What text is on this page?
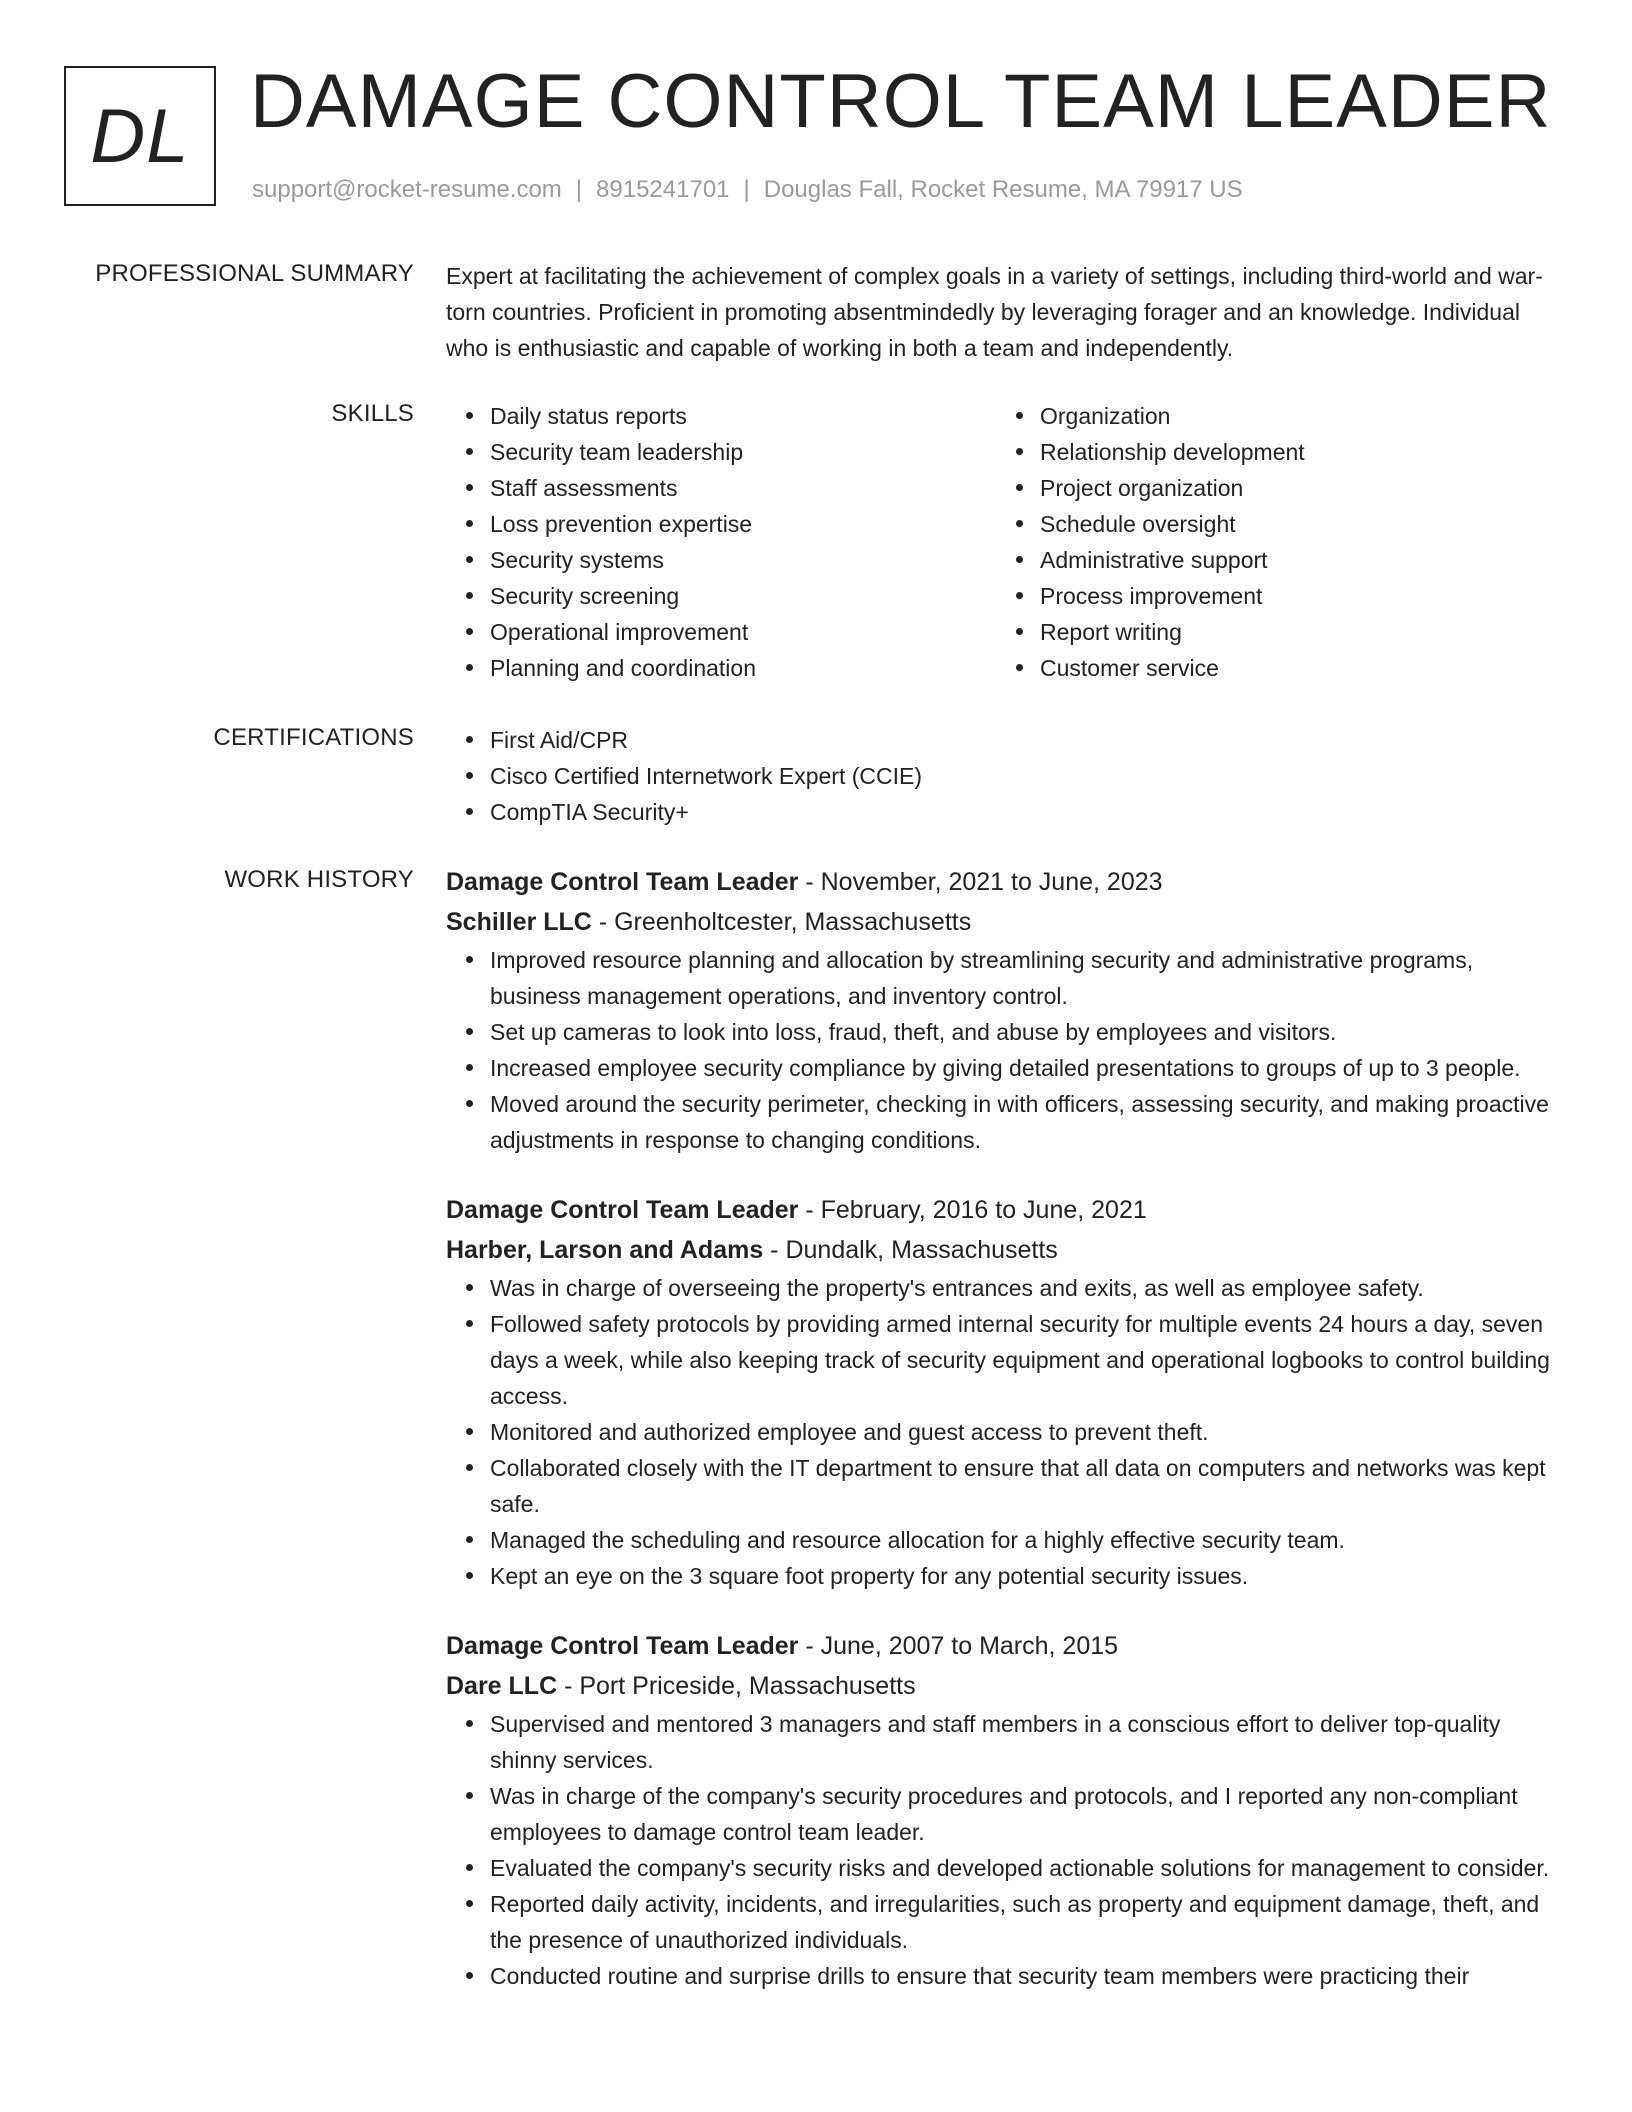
DL DAMAGE CONTROL TEAM LEADER
support@rocket-resume.com | 8915241701 | Douglas Fall, Rocket Resume, MA 79917 US
PROFESSIONAL SUMMARY Expert at facilitating the achievement of complex goals in a variety of settings, including third-world and war-torn countries. Proficient in promoting absentmindedly by leveraging forager and an knowledge. Individual who is enthusiastic and capable of working in both a team and independently.

SKILLS	Daily status reports
Security team leadership
Staff assessments
Loss prevention expertise
Security systems
Security screening
Operational improvement
Planning and coordination
Organization
Relationship development
Project organization
Schedule oversight
Administrative support
Process improvement
Report writing
Customer service
CERTIFICATIONS	First Aid/CPR
Cisco Certified Internetwork Expert (CCIE)
CompTIA Security+
WORK HISTORY Damage Control Team Leader - November, 2021 to June, 2023
Schiller LLC - Greenholtcester, Massachusetts
Improved resource planning and allocation by streamlining security and administrative programs, business management operations, and inventory control.
Set up cameras to look into loss, fraud, theft, and abuse by employees and visitors.
Increased employee security compliance by giving detailed presentations to groups of up to 3 people.
Moved around the security perimeter, checking in with officers, assessing security, and making proactive adjustments in response to changing conditions.
Damage Control Team Leader - February, 2016 to June, 2021
Harber, Larson and Adams - Dundalk, Massachusetts
Was in charge of overseeing the property's entrances and exits, as well as employee safety.
Followed safety protocols by providing armed internal security for multiple events 24 hours a day, seven days a week, while also keeping track of security equipment and operational logbooks to control building access.
Monitored and authorized employee and guest access to prevent theft.
Collaborated closely with the IT department to ensure that all data on computers and networks was kept safe.
Managed the scheduling and resource allocation for a highly effective security team.
Kept an eye on the 3 square foot property for any potential security issues.
Damage Control Team Leader - June, 2007 to March, 2015
Dare LLC - Port Priceside, Massachusetts
Supervised and mentored 3 managers and staff members in a conscious effort to deliver top-quality shinny services.
Was in charge of the company's security procedures and protocols, and I reported any non-compliant employees to damage control team leader.
Evaluated the company's security risks and developed actionable solutions for management to consider.
Reported daily activity, incidents, and irregularities, such as property and equipment damage, theft, and the presence of unauthorized individuals.
Conducted routine and surprise drills to ensure that security team members were practicing their
